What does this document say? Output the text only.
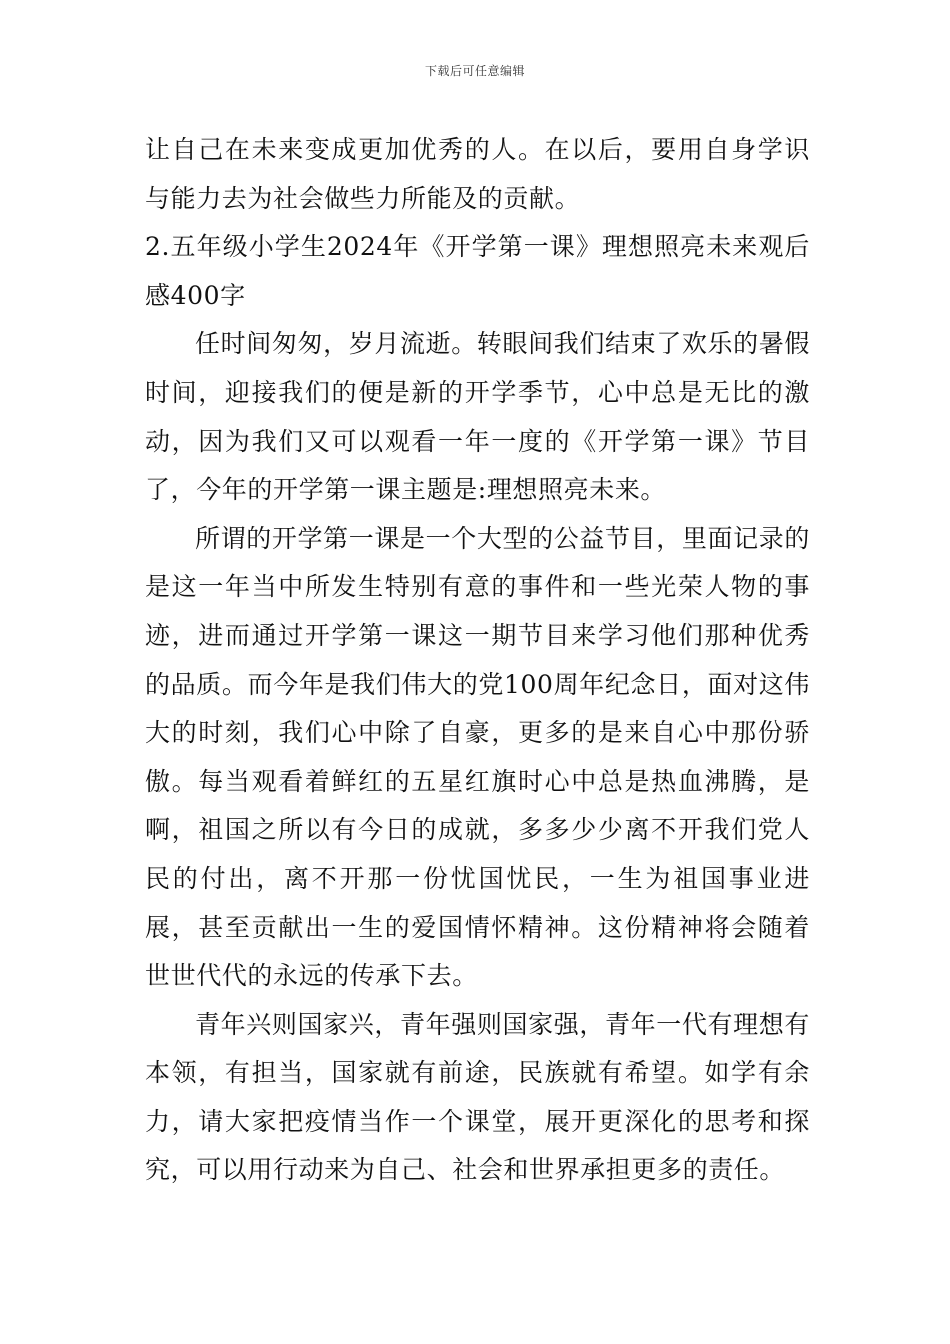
下载后可任意编辑

让自己在未来变成更加优秀的人。在以后，要用自身学识与能力去为社会做些力所能及的贡献。

2.五年级小学生2024年《开学第一课》理想照亮未来观后感400字

任时间匆匆，岁月流逝。转眼间我们结束了欢乐的暑假时间，迎接我们的便是新的开学季节，心中总是无比的激动，因为我们又可以观看一年一度的《开学第一课》节目了，今年的开学第一课主题是:理想照亮未来。

所谓的开学第一课是一个大型的公益节目，里面记录的是这一年当中所发生特别有意的事件和一些光荣人物的事迹，进而通过开学第一课这一期节目来学习他们那种优秀的品质。而今年是我们伟大的党100周年纪念日，面对这伟大的时刻，我们心中除了自豪，更多的是来自心中那份骄傲。每当观看着鲜红的五星红旗时心中总是热血沸腾，是啊，祖国之所以有今日的成就，多多少少离不开我们党人民的付出，离不开那一份忧国忧民，一生为祖国事业进展，甚至贡献出一生的爱国情怀精神。这份精神将会随着世世代代的永远的传承下去。

青年兴则国家兴，青年强则国家强，青年一代有理想有本领，有担当，国家就有前途，民族就有希望。如学有余力，请大家把疫情当作一个课堂，展开更深化的思考和探究，可以用行动来为自己、社会和世界承担更多的责任。
